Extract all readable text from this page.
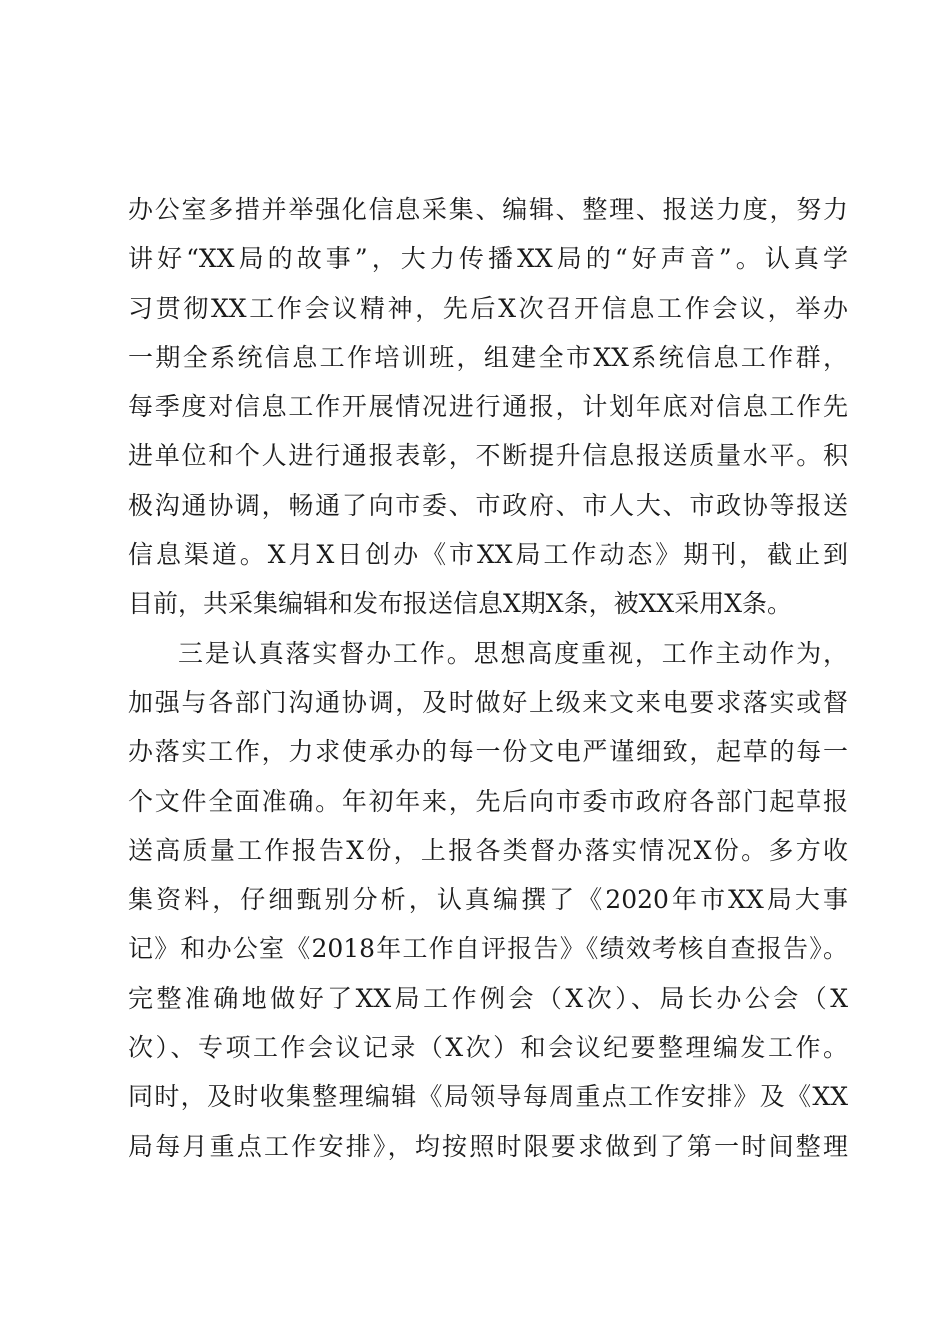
办公室多措并举强化信息采集、编辑、整理、报送力度，努力
讲好“XX局的故事”，大力传播XX局的“好声音”。认真学
习贯彻XX工作会议精神，先后X次召开信息工作会议，举办
一期全系统信息工作培训班，组建全市XX系统信息工作群，
每季度对信息工作开展情况进行通报，计划年底对信息工作先
进单位和个人进行通报表彰，不断提升信息报送质量水平。积
极沟通协调，畅通了向市委、市政府、市人大、市政协等报送
信息渠道。X月X日创办《市XX局工作动态》期刊，截止到
目前，共采集编辑和发布报送信息X期X条，被XX采用X条。
三是认真落实督办工作。思想高度重视，工作主动作为，
加强与各部门沟通协调，及时做好上级来文来电要求落实或督
办落实工作，力求使承办的每一份文电严谨细致，起草的每一
个文件全面准确。年初年来，先后向市委市政府各部门起草报
送高质量工作报告X份，上报各类督办落实情况X份。多方收
集资料，仔细甄别分析，认真编撰了《2020年市XX局大事
记》和办公室《2018年工作自评报告》《绩效考核自查报告》。
完整准确地做好了XX局工作例会（X次）、局长办公会（X
次）、专项工作会议记录（X次）和会议纪要整理编发工作。
同时，及时收集整理编辑《局领导每周重点工作安排》及《XX
局每月重点工作安排》，均按照时限要求做到了第一时间整理
